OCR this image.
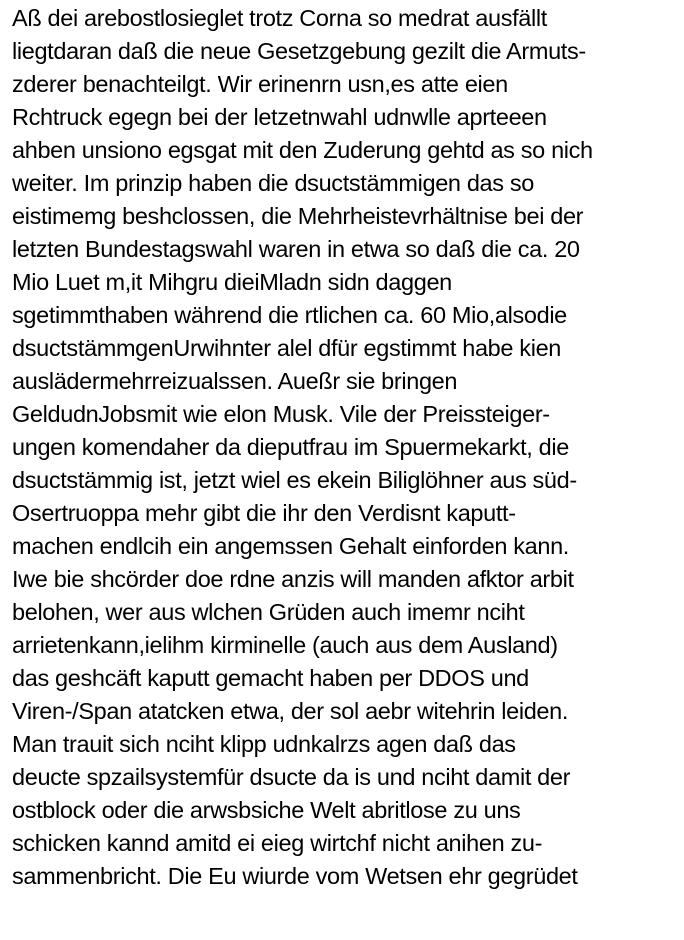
Aß dei arebostlosieglet trotz Corna so medrat ausfällt
liegtdaran daß die neue Gesetzgebung gezilt die Armuts-
zderer benachteilgt. Wir erinenrn usn,es atte eien
Rchtruck egegn bei der letzetnwahl udnwlle aprteeen
ahben unsiono egsgat mit den Zuderung gehtd as so nich
weiter. Im prinzip haben die dsuctstämmigen das so
eistimemg beshclossen, die Mehrheistevrhältnise bei der
letzten Bundestagswahl waren in etwa so daß die ca. 20
Mio Luet m,it Mihgru dieiMladn sidn daggen
sgetimmthaben während die rtlichen ca. 60 Mio,alsodie
dsuctstämmgenUrwihnter alel dfür egstimmt habe kien
auslädermehrreizualssen. Aueßr sie bringen
GeldudnJobsmit wie elon Musk. Vile der Preissteiger-
ungen komendaher da dieputfrau im Spuermekarkt, die
dsuctstämmig ist, jetzt wiel es ekein Biliglöhner aus süd-
Osertruoppa mehr gibt die ihr den Verdisnt kaputt-
machen endlcih ein angemssen Gehalt einforden kann.
Iwe bie shcörder doe rdne anzis will manden afktor arbit
belohen, wer aus wlchen Grüden auch imemr nciht
arrietenkann,ielihm kirminelle (auch aus dem Ausland)
das geshcäft kaputt gemacht haben per DDOS und
Viren-/Span atatcken etwa, der sol aebr witehrin leiden.
Man trauit sich nciht klipp udnkalrzs agen daß das
deucte spzailsystemfür dsucte da is und nciht damit der
ostblock oder die arwsbsiche Welt abritlose zu uns
schicken kannd amitd ei eieg wirtchf nicht anihen zu-
sammenbricht. Die Eu wiurde vom Wetsen ehr gegrüdet
